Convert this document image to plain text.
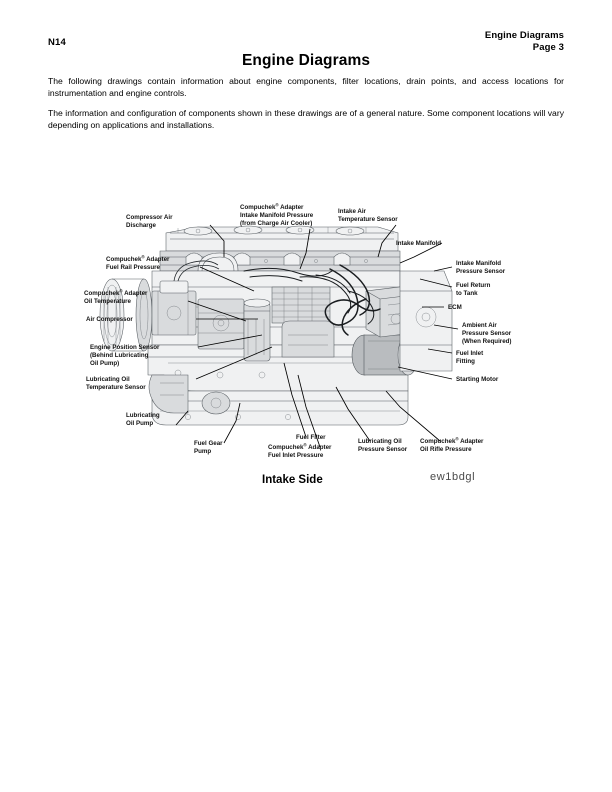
N14
Engine Diagrams
Page 3
Engine Diagrams

The following drawings contain information about engine components, filter locations, drain points, and access locations for instrumentation and engine controls.

The information and configuration of components shown in these drawings are of a general nature. Some component locations will vary depending on applications and installations.

Compressor Air
Discharge
Compuchek® Adapter
Intake Manifold Pressure
(from Charge Air Cooler)
Intake Air
Temperature Sensor
Intake Manifold
Compuchek® Adapter
Fuel Rail Pressure
Intake Manifold
Pressure Sensor
Compuchek® Adapter
Oil Temperature
Fuel Return
to Tank
ECM
Ambient Air
Pressure Sensor
(When Required)
Air Compressor
Fuel Inlet
Fitting
Engine Position Sensor
(Behind Lubricating
Oil Pump)
Starting Motor
Lubricating Oil
Temperature Sensor
Lubricating
Oil Pump
Fuel Gear
Pump
Fuel Filter
Compuchek® Adapter
Fuel Inlet Pressure
Lubricating Oil
Pressure Sensor
Compuchek® Adapter
Oil Rifle Pressure
Intake Side	ew1bdgl
